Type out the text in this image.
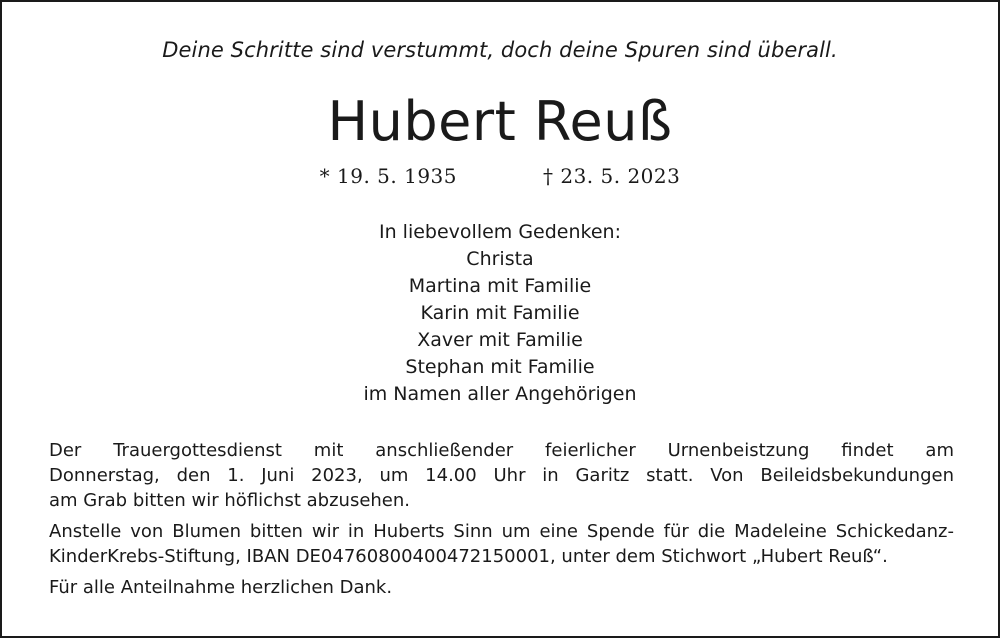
Deine Schritte sind verstummt, doch deine Spuren sind überall.
Hubert Reuß
* 19. 5. 1935	† 23. 5. 2023
In liebevollem Gedenken:
Christa
Martina mit Familie
Karin mit Familie
Xaver mit Familie
Stephan mit Familie
im Namen aller Angehörigen
Der Trauergottesdienst mit anschließender feierlicher Urnenbeistzung findet am
Donnerstag, den 1. Juni 2023, um 14.00 Uhr in Garitz statt. Von Beileidsbekundungen
am Grab bitten wir höflichst abzusehen.
Anstelle von Blumen bitten wir in Huberts Sinn um eine Spende für die Madeleine Schickedanz-
KinderKrebs-Stiftung, IBAN DE04760800400472150001, unter dem Stichwort „Hubert Reuß“.
Für alle Anteilnahme herzlichen Dank.
